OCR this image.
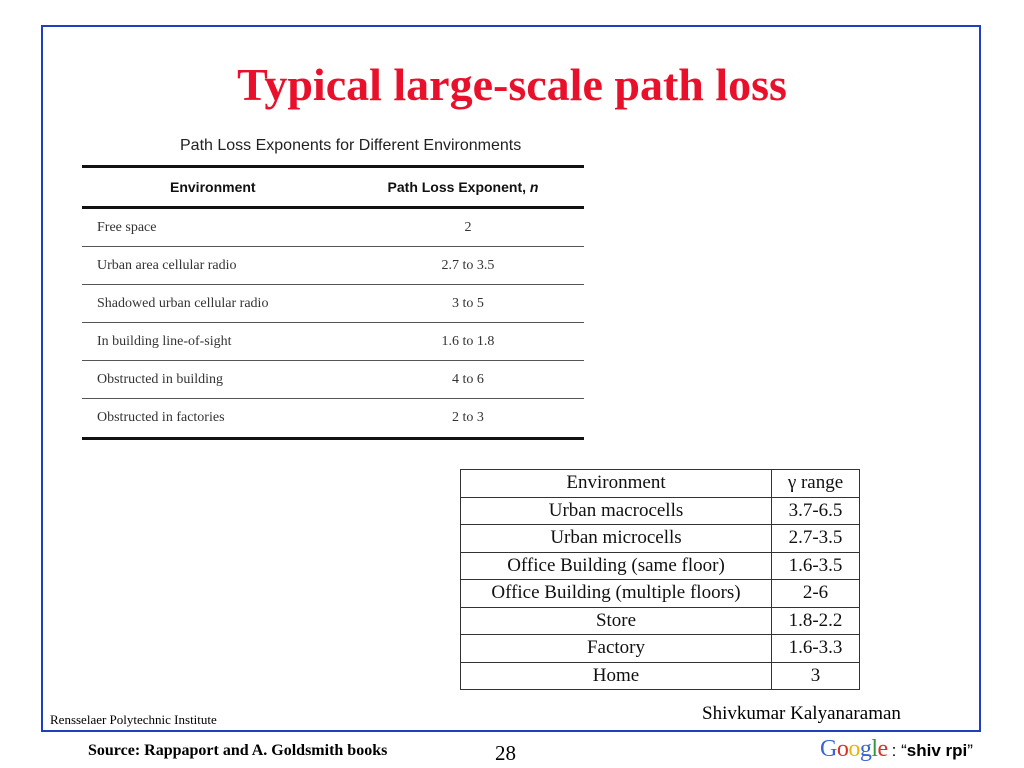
Typical large-scale path loss
Path Loss Exponents for Different Environments
Environment	Path Loss Exponent, n
Free space	2
Urban area cellular radio	2.7 to 3.5
Shadowed urban cellular radio	3 to 5
In building line-of-sight	1.6 to 1.8
Obstructed in building	4 to 6
Obstructed in factories	2 to 3
Environment	γ range
Urban macrocells	3.7-6.5
Urban microcells	2.7-3.5
Office Building (same floor)	1.6-3.5
Office Building (multiple floors)	2-6
Store	1.8-2.2
Factory	1.6-3.3
Home	3
Shivkumar Kalyanaraman
Rensselaer Polytechnic Institute
Source: Rappaport and A. Goldsmith books	28	Google : “shiv rpi”
